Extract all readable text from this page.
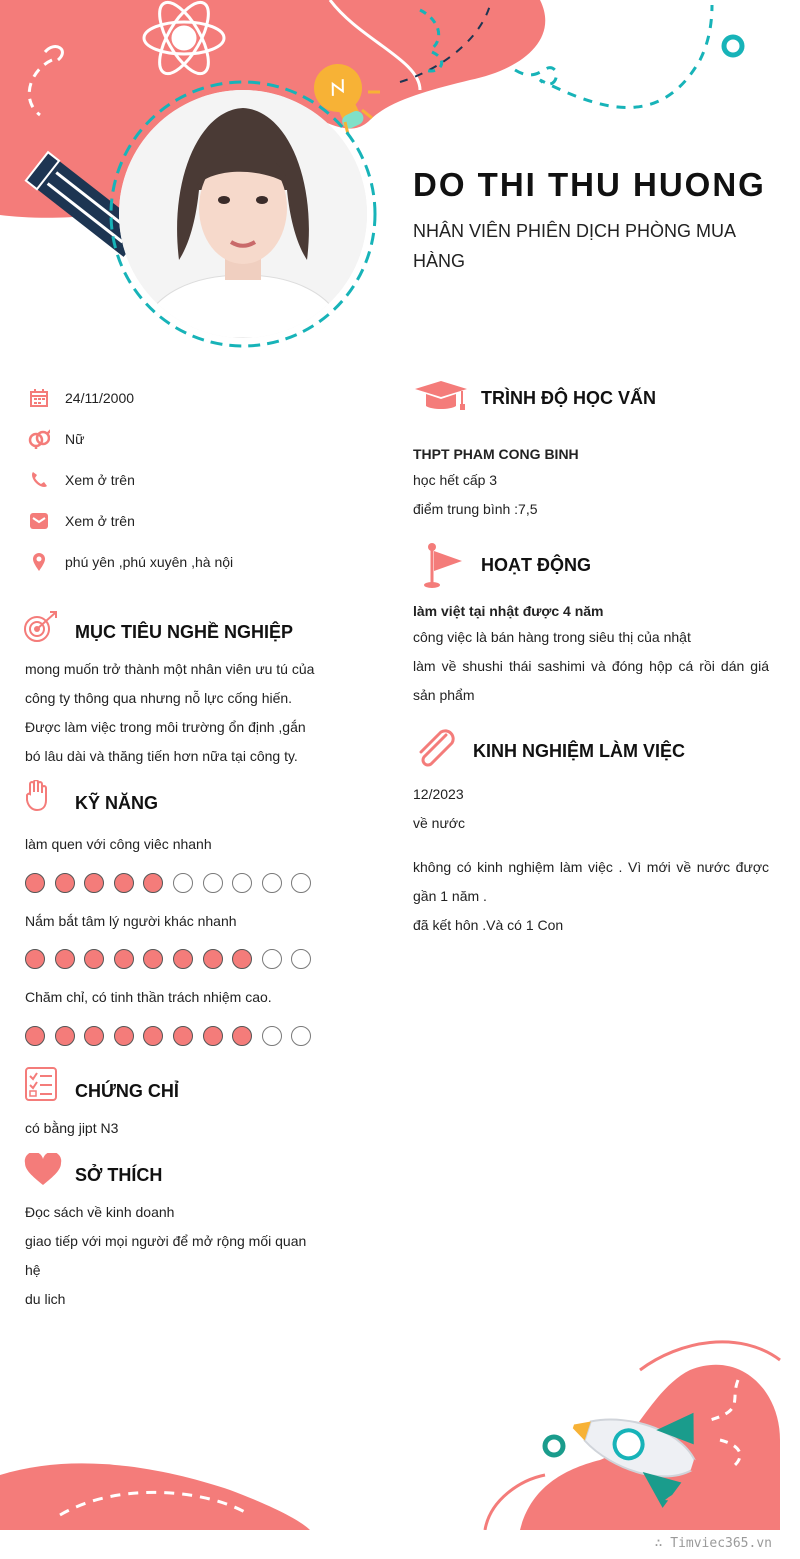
DO THI THU HUONG
NHÂN VIÊN PHIÊN DỊCH PHÒNG MUA HÀNG
24/11/2000
Nữ
Xem ở trên
Xem ở trên
phú yên ,phú xuyên ,hà nội
MỤC TIÊU NGHỀ NGHIỆP
mong muốn trở thành một nhân viên ưu tú của
công ty thông qua nhưng nỗ lực cống hiến.
Được làm việc trong môi trường ổn định ,gắn
bó lâu dài và thăng tiến hơn nữa tại công ty.
KỸ NĂNG
làm quen với công viêc nhanh
Nắm bắt tâm lý người khác nhanh
Chăm chỉ, có tinh thần trách nhiệm cao.
CHỨNG CHỈ
có bằng jipt N3
SỞ THÍCH
Đọc sách về kinh doanh
giao tiếp với mọi người để mở rộng mối quan
hệ
du lich
TRÌNH ĐỘ HỌC VẤN
THPT PHAM CONG BINH
học hết cấp 3
điểm trung bình :7,5
HOẠT ĐỘNG
làm việt tại nhật được 4 năm
công việc là bán hàng trong siêu thị của nhật
làm về shushi thái sashimi và đóng hộp cá rồi dán giá
sản phẩm
KINH NGHIỆM LÀM VIỆC
12/2023
về nước
không có kinh nghiệm làm việc . Vì mới về nước được
gần 1 năm .
đã kết hôn .Và có 1 Con
∴ Timviec365.vn
